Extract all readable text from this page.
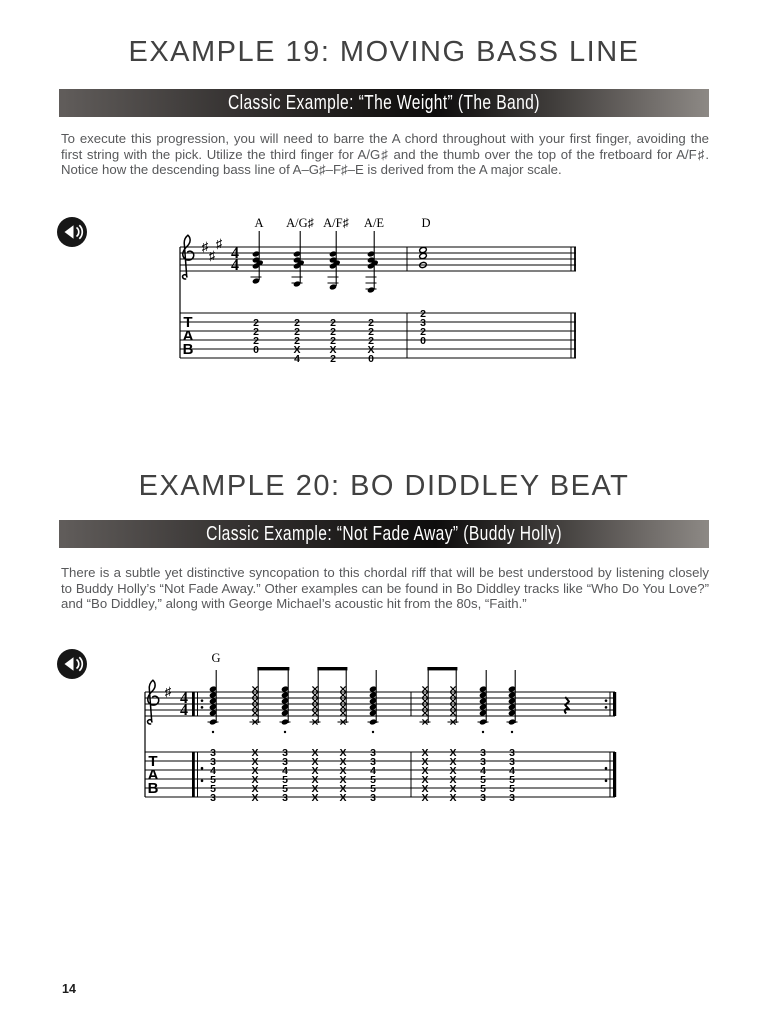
EXAMPLE 19: MOVING BASS LINE
Classic Example: “The Weight” (The Band)

To execute this progression, you will need to barre the A chord throughout with your first finger, avoiding the first string with the pick. Utilize the third finger for A/G♯ and the thumb over the top of the fretboard for A/F♯. Notice how the descending bass line of A–G♯–F♯–E is derived from the A major scale.

♯
♯
♯
4
4
T
A
B
A
2
2
2
0
A/G♯
2
2
2
X
4
A/F♯
2
2
2
X
2
A/E
2
2
2
X
0
D
2
3
2
0
EXAMPLE 20: BO DIDDLEY BEAT
Classic Example: “Not Fade Away” (Buddy Holly)

There is a subtle yet distinctive syncopation to this chordal riff that will be best understood by listening closely to Buddy Holly’s “Not Fade Away.” Other examples can be found in Bo Diddley tracks like “Who Do You Love?” and “Bo Diddley,” along with George Michael’s acoustic hit from the 80s, “Faith.”

♯ 4
4
T
A
B
G
3
3
4
5
5
3
X
X
X
X
X
X
3
3
4
5
5
3
X
X
X
X
X
X
X
X
X
X
X
X
3
3
4
5
5
3
X
X
X
X
X
X
X
X
X
X
X
X
3
3
4
5
5
3
3
3
4
5
5
3
14
